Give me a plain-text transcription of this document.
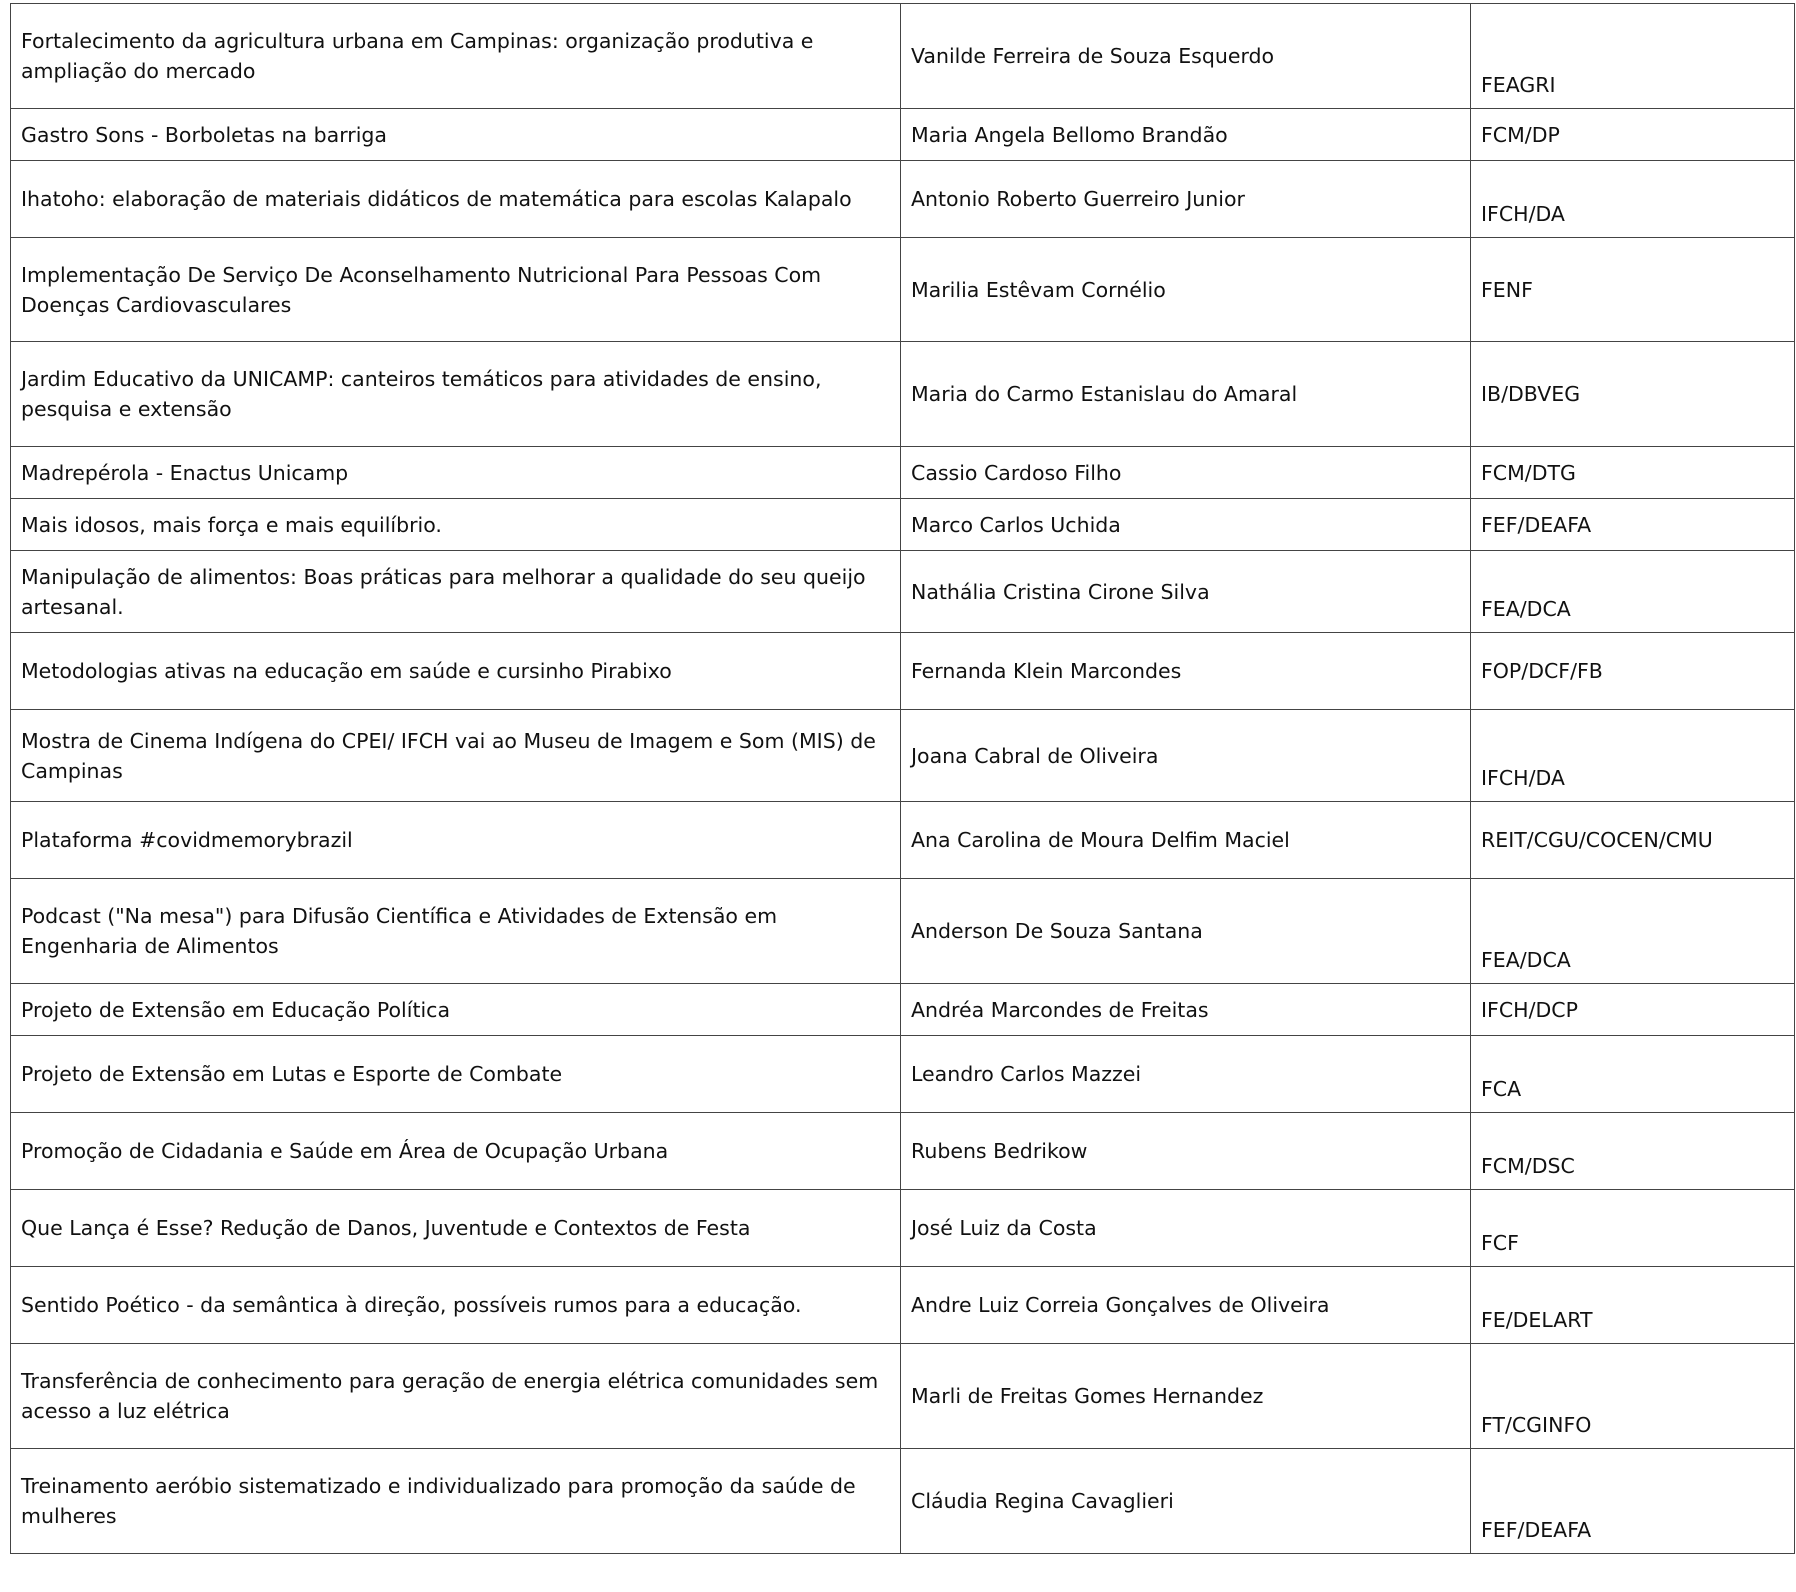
Fortalecimento da agricultura urbana em Campinas: organização produtiva e ampliação do mercado	Vanilde Ferreira de Souza Esquerdo	FEAGRI
Gastro Sons - Borboletas na barriga	Maria Angela Bellomo Brandão	FCM/DP
Ihatoho: elaboração de materiais didáticos de matemática para escolas Kalapalo	Antonio Roberto Guerreiro Junior	IFCH/DA
Implementação De Serviço De Aconselhamento Nutricional Para Pessoas Com Doenças Cardiovasculares	Marilia Estêvam Cornélio	FENF
Jardim Educativo da UNICAMP: canteiros temáticos para atividades de ensino, pesquisa e extensão	Maria do Carmo Estanislau do Amaral	IB/DBVEG
Madrepérola - Enactus Unicamp	Cassio Cardoso Filho	FCM/DTG
Mais idosos, mais força e mais equilíbrio.	Marco Carlos Uchida	FEF/DEAFA
Manipulação de alimentos: Boas práticas para melhorar a qualidade do seu queijo artesanal.	Nathália Cristina Cirone Silva	FEA/DCA
Metodologias ativas na educação em saúde e cursinho Pirabixo	Fernanda Klein Marcondes	FOP/DCF/FB
Mostra de Cinema Indígena do CPEI/ IFCH vai ao Museu de Imagem e Som (MIS) de Campinas	Joana Cabral de Oliveira	IFCH/DA
Plataforma #covidmemorybrazil	Ana Carolina de Moura Delfim Maciel	REIT/CGU/COCEN/CMU
Podcast ("Na mesa") para Difusão Científica e Atividades de Extensão em Engenharia de Alimentos	Anderson De Souza Santana	FEA/DCA
Projeto de Extensão em Educação Política	Andréa Marcondes de Freitas	IFCH/DCP
Projeto de Extensão em Lutas e Esporte de Combate	Leandro Carlos Mazzei	FCA
Promoção de Cidadania e Saúde em Área de Ocupação Urbana	Rubens Bedrikow	FCM/DSC
Que Lança é Esse? Redução de Danos, Juventude e Contextos de Festa	José Luiz da Costa	FCF
Sentido Poético - da semântica à direção, possíveis rumos para a educação.	Andre Luiz Correia Gonçalves de Oliveira	FE/DELART
Transferência de conhecimento para geração de energia elétrica comunidades sem acesso a luz elétrica	Marli de Freitas Gomes Hernandez	FT/CGINFO
Treinamento aeróbio sistematizado e individualizado para promoção da saúde de mulheres	Cláudia Regina Cavaglieri	FEF/DEAFA
